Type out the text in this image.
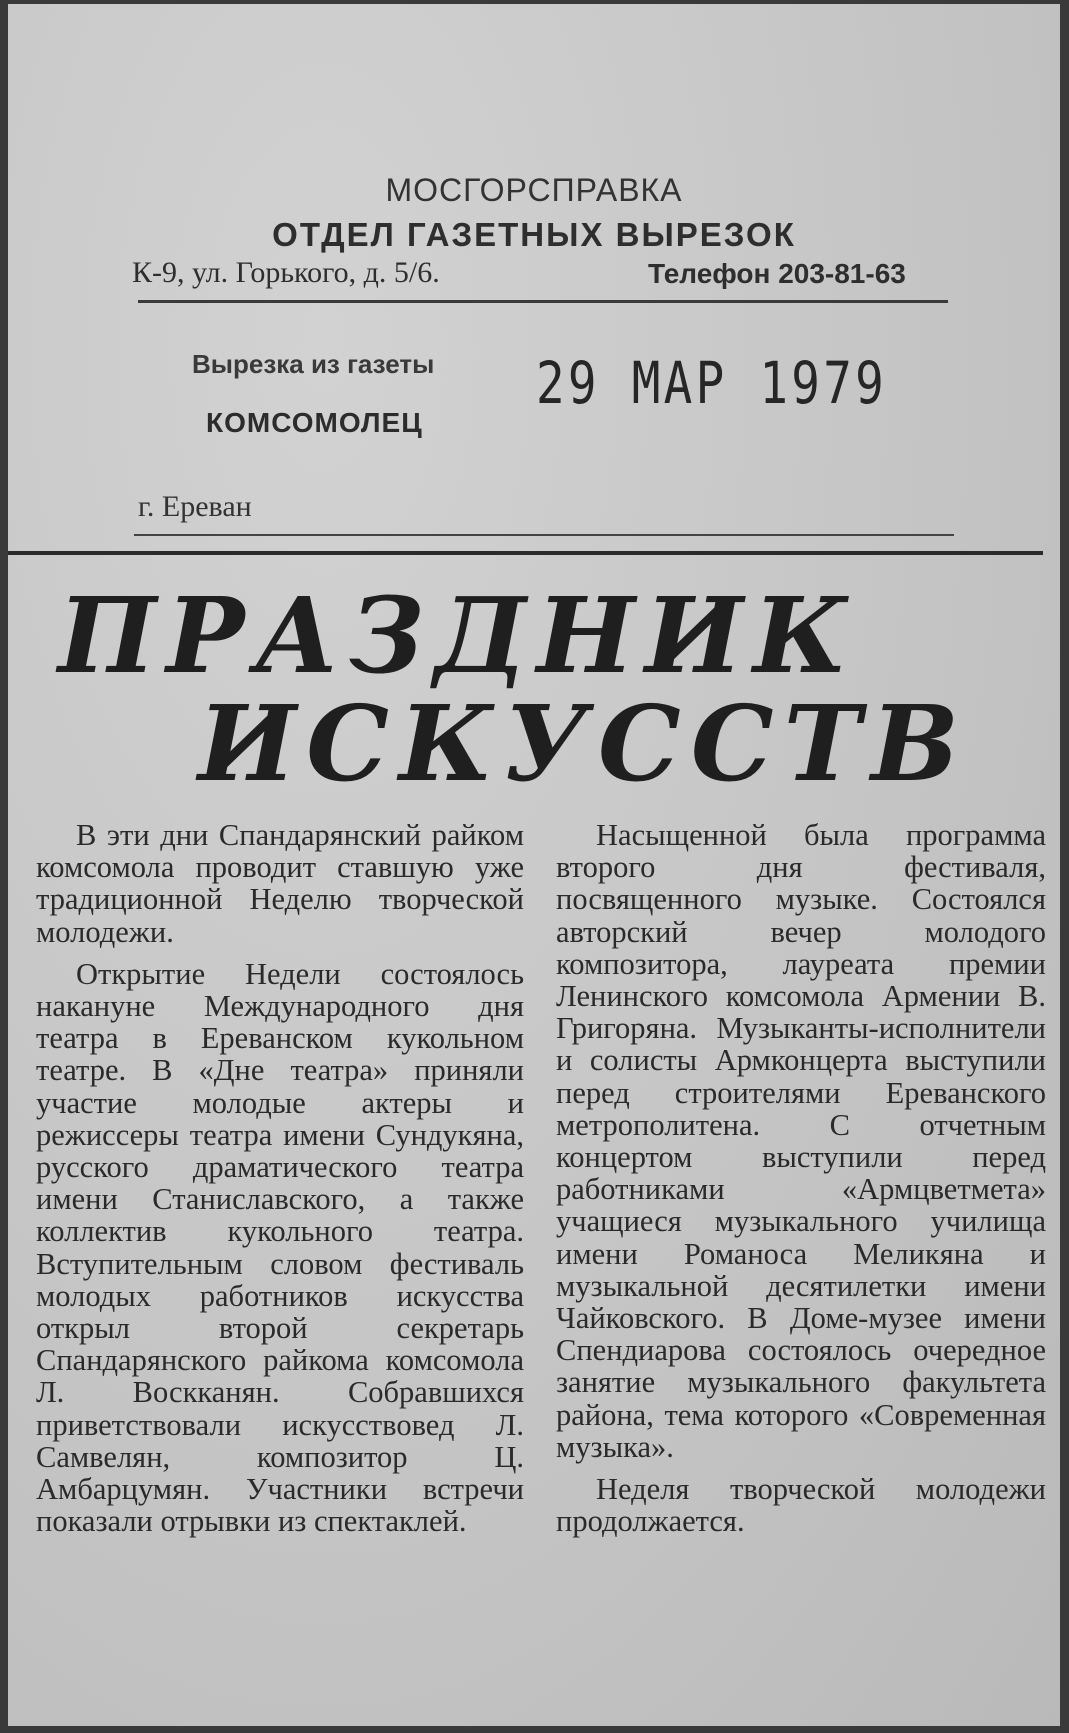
МОСГОРСПРАВКА
ОТДЕЛ ГАЗЕТНЫХ ВЫРЕЗОК
К-9, ул. Горького, д. 5/6.	Телефон 203-81-63
Вырезка из газеты
КОМСОМОЛЕЦ
29 МАР 1979
г. Ереван
ПРАЗДНИК
ИСКУССТВ

В эти дни Спандарянский райком комсомола проводит ставшую уже традиционной Неделю творческой молодежи.

Открытие Недели состоялось накануне Международного дня театра в Ереванском кукольном театре. В «Дне театра» приняли участие молодые актеры и режиссеры театра имени Сундукяна, русского драматического театра имени Станиславского, а также коллектив кукольного театра. Вступительным словом фестиваль молодых работников искусства открыл второй секретарь Спандарянского райкома комсомола Л. Воскканян. Собравшихся приветствовали искусствовед Л. Самвелян, композитор Ц. Амбарцумян. Участники встречи показали отрывки из спектаклей.

Насыщенной была программа второго дня фестиваля, посвященного музыке. Состоялся авторский вечер молодого композитора, лауреата премии Ленинского комсомола Армении В. Григоряна. Музыканты-исполнители и солисты Армконцерта выступили перед строителями Ереванского метрополитена. С отчетным концертом выступили перед работниками «Армцветмета» учащиеся музыкального училища имени Романоса Меликяна и музыкальной десятилетки имени Чайковского. В Доме-музее имени Спендиарова состоялось очередное занятие музыкального факультета района, тема которого «Современная музыка».

Неделя творческой молодежи продолжается.
